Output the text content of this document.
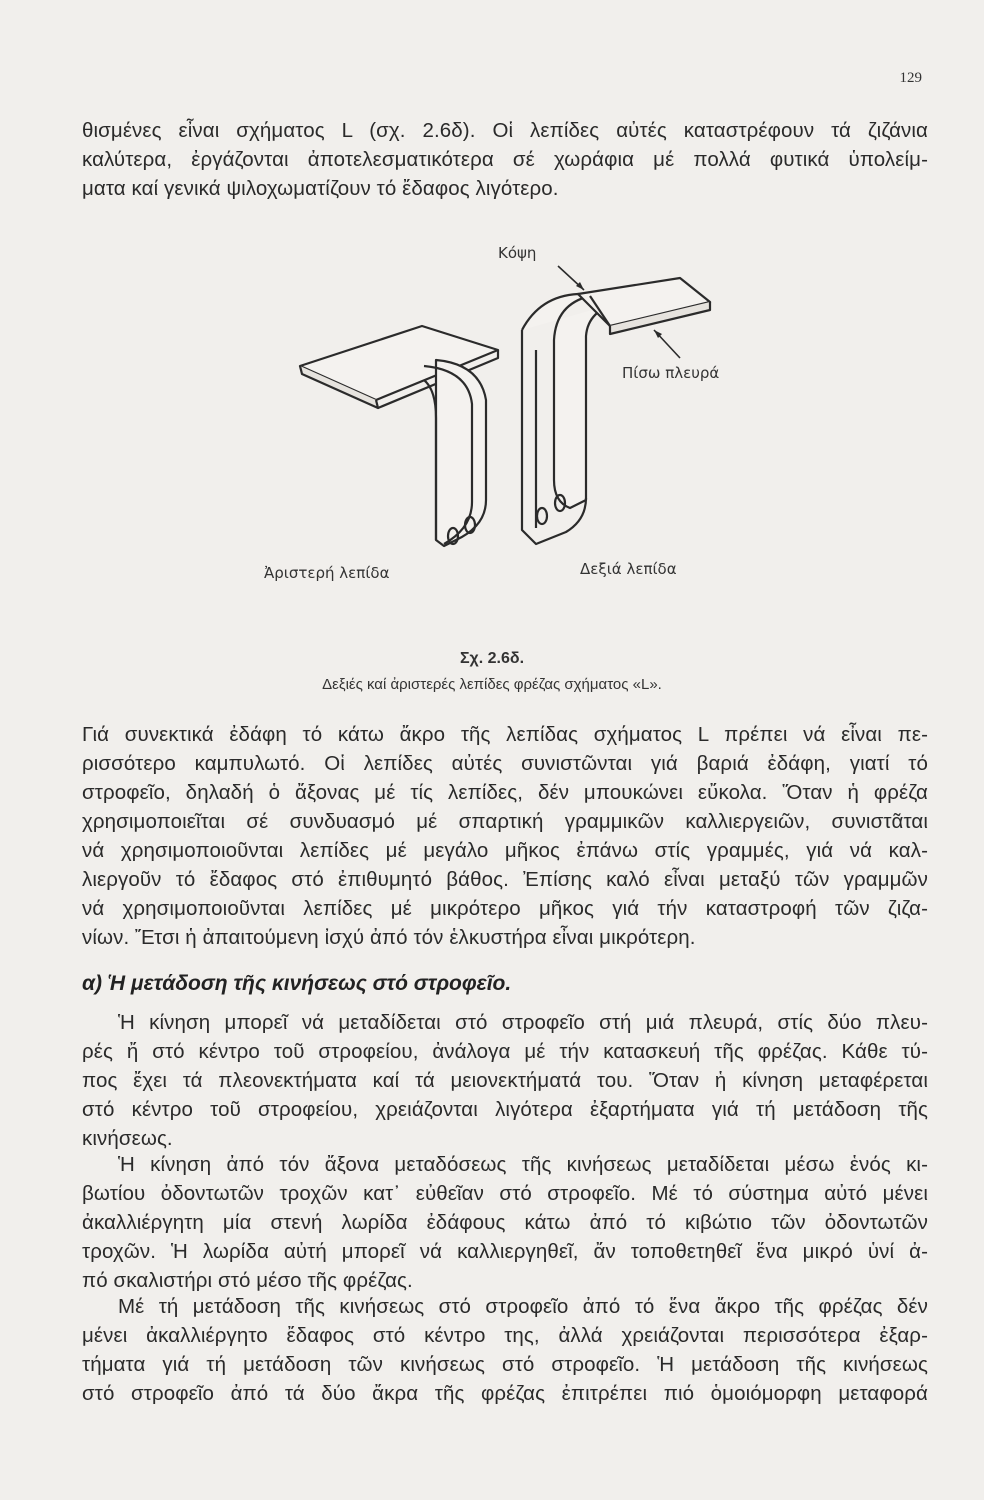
129

θισμένες εἶναι σχήματος L (σχ. 2.6δ). Οἱ λεπίδες αὐτές καταστρέφουν τά ζιζάνια
καλύτερα, ἐργάζονται ἀποτελεσματικότερα σέ χωράφια μέ πολλά φυτικά ὑπολείμ-
ματα καί γενικά ψιλοχωματίζουν τό ἔδαφος λιγότερο.

Κόψη
Πίσω πλευρά
Ἀριστερή λεπίδα	Δεξιά λεπίδα
Σχ. 2.6δ.
Δεξιές καί ἀριστερές λεπίδες φρέζας σχήματος «L».

Γιά συνεκτικά ἐδάφη τό κάτω ἄκρο τῆς λεπίδας σχήματος L πρέπει νά εἶναι πε-
ρισσότερο καμπυλωτό. Οἱ λεπίδες αὐτές συνιστῶνται γιά βαριά ἐδάφη, γιατί τό
στροφεῖο, δηλαδή ὁ ἄξονας μέ τίς λεπίδες, δέν μπουκώνει εὔκολα. Ὅταν ἡ φρέζα
χρησιμοποιεῖται σέ συνδυασμό μέ σπαρτική γραμμικῶν καλλιεργειῶν, συνιστᾶται
νά χρησιμοποιοῦνται λεπίδες μέ μεγάλο μῆκος ἐπάνω στίς γραμμές, γιά νά καλ-
λιεργοῦν τό ἔδαφος στό ἐπιθυμητό βάθος. Ἐπίσης καλό εἶναι μεταξύ τῶν γραμμῶν
νά χρησιμοποιοῦνται λεπίδες μέ μικρότερο μῆκος γιά τήν καταστροφή τῶν ζιζα-
νίων. Ἔτσι ἡ ἀπαιτούμενη ἰσχύ ἀπό τόν ἑλκυστήρα εἶναι μικρότερη.

α) Ἡ μετάδοση τῆς κινήσεως στό στροφεῖο.

Ἡ κίνηση μπορεῖ νά μεταδίδεται στό στροφεῖο στή μιά πλευρά, στίς δύο πλευ-
ρές ἤ στό κέντρο τοῦ στροφείου, ἀνάλογα μέ τήν κατασκευή τῆς φρέζας. Κάθε τύ-
πος ἔχει τά πλεονεκτήματα καί τά μειονεκτήματά του. Ὅταν ἡ κίνηση μεταφέρεται
στό κέντρο τοῦ στροφείου, χρειάζονται λιγότερα ἐξαρτήματα γιά τή μετάδοση τῆς
κινήσεως.

Ἡ κίνηση ἀπό τόν ἄξονα μεταδόσεως τῆς κινήσεως μεταδίδεται μέσω ἑνός κι-
βωτίου ὀδοντωτῶν τροχῶν κατ᾽ εὐθεῖαν στό στροφεῖο. Μέ τό σύστημα αὐτό μένει
ἀκαλλιέργητη μία στενή λωρίδα ἐδάφους κάτω ἀπό τό κιβώτιο τῶν ὀδοντωτῶν
τροχῶν. Ἡ λωρίδα αὐτή μπορεῖ νά καλλιεργηθεῖ, ἄν τοποθετηθεῖ ἕνα μικρό ὑνί ἀ-
πό σκαλιστήρι στό μέσο τῆς φρέζας.

Μέ τή μετάδοση τῆς κινήσεως στό στροφεῖο ἀπό τό ἕνα ἄκρο τῆς φρέζας δέν
μένει ἀκαλλιέργητο ἔδαφος στό κέντρο της, ἀλλά χρειάζονται περισσότερα ἐξαρ-
τήματα γιά τή μετάδοση τῶν κινήσεως στό στροφεῖο. Ἡ μετάδοση τῆς κινήσεως
στό στροφεῖο ἀπό τά δύο ἄκρα τῆς φρέζας ἐπιτρέπει πιό ὁμοιόμορφη μεταφορά
